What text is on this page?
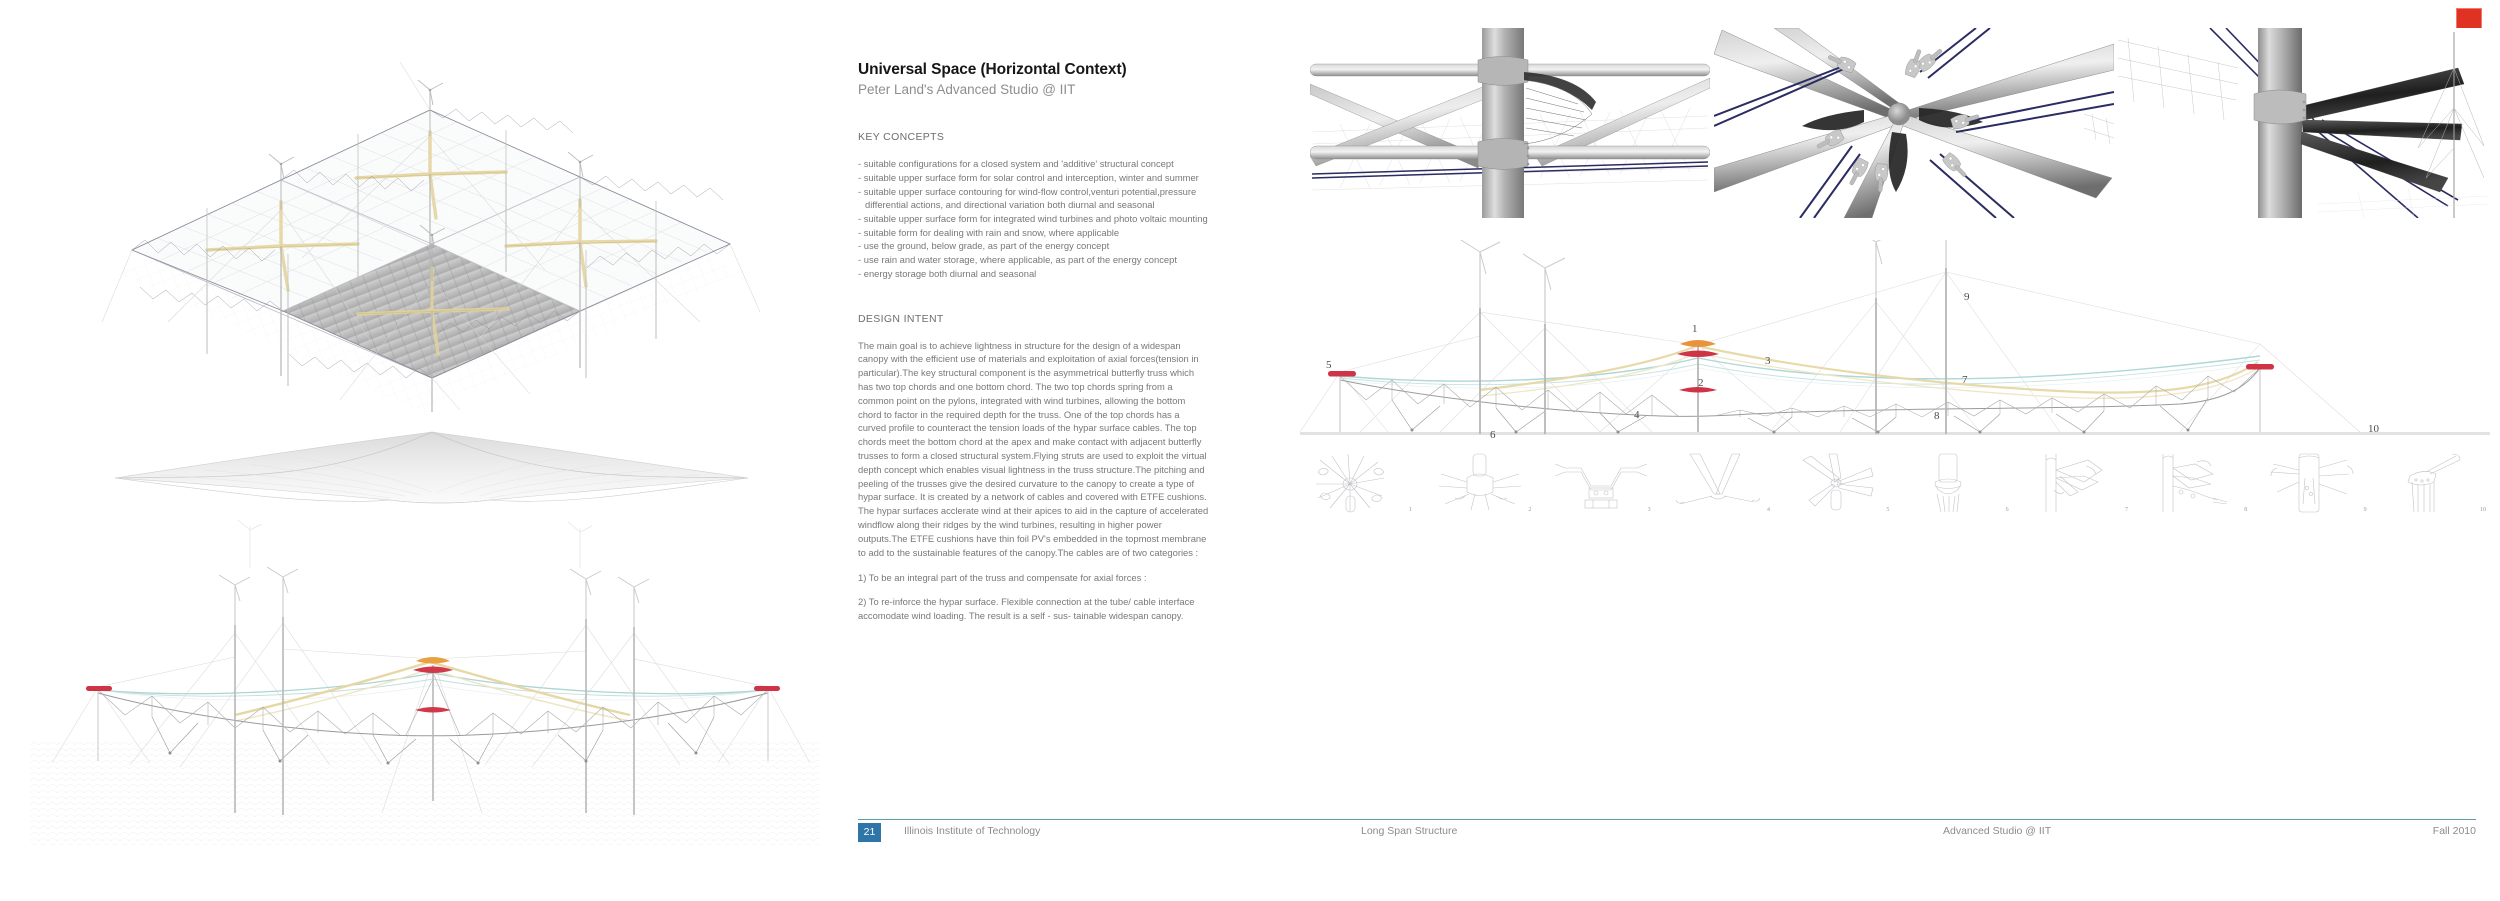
Universal Space (Horizontal Context)

Peter Land's Advanced Studio @ IIT

KEY CONCEPTS
- suitable configurations for a closed system and 'additive' structural concept
- suitable upper surface form for solar control and interception, winter and summer
- suitable upper surface contouring for wind-flow control,venturi potential,pressure differential actions, and directional variation both diurnal and seasonal
- suitable upper surface form for integrated wind turbines and photo voltaic mounting
- suitable form for dealing with rain and snow, where applicable
- use the ground, below grade, as part of the energy concept
- use rain and water storage, where applicable, as part of the energy concept
- energy storage both diurnal and seasonal
DESIGN INTENT

The main goal is to achieve lightness in structure for the design of a widespan canopy with the efficient use of materials and exploitation of axial forces(tension in particular).The key structural component is the asymmetrical butterfly truss which has two top chords and one bottom chord. The two top chords spring from a common point on the pylons, integrated with wind turbines, allowing the bottom chord to factor in the required depth for the truss. One of the top chords has a curved profile to counteract the tension loads of the hypar surface cables. The top chords meet the bottom chord at the apex and make contact with adjacent butterfly trusses to form a closed structural system.Flying struts are used to exploit the virtual depth concept which enables visual lightness in the truss structure.The pitching and peeling of the trusses give the desired curvature to the canopy to create a type of hypar surface. It is created by a network of cables and covered with ETFE cushions. The hypar surfaces acclerate wind at their apices to aid in the capture of accelerated windflow along their ridges by the wind turbines, resulting in higher power outputs.The ETFE cushions have thin foil PV's embedded in the topmost membrane to add to the sustainable features of the canopy.The cables are of two categories :

1) To be an integral part of the truss and compensate for axial forces :

2) To re-inforce the hypar surface. Flexible connection at the tube/ cable interface accomodate wind loading. The result is a self - sus- tainable widespan canopy.

1
2
3
4
5
6
7
8
9
10
1	2	3	4	5	6	7	8	9	10
21	Illinois Institute of Technology	Long Span Structure	Advanced Studio @ IIT	Fall 2010
